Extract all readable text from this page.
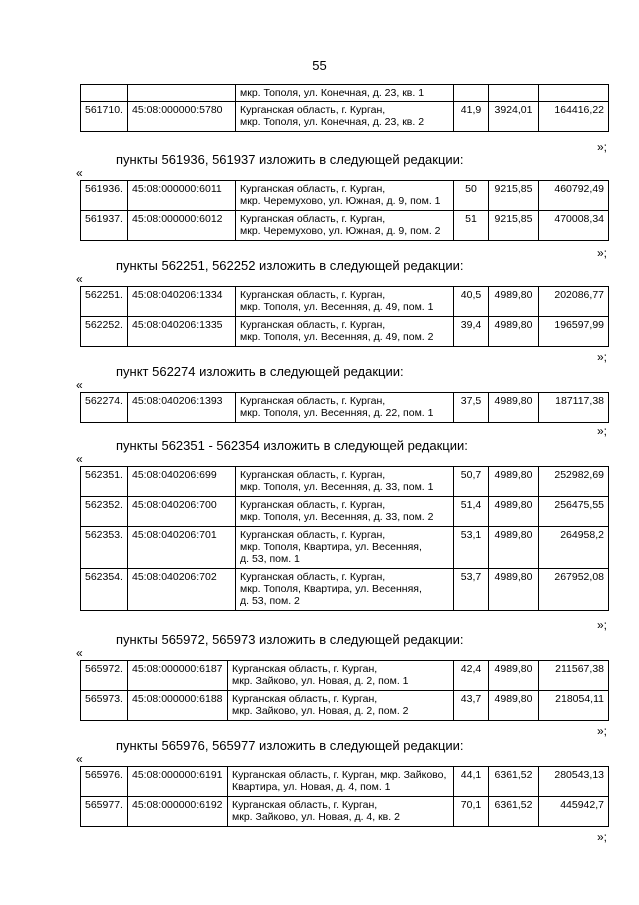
55
		мкр. Тополя, ул. Конечная, д. 23, кв. 1			
561710.	45:08:000000:5780	Курганская область, г. Курган,
мкр. Тополя, ул. Конечная, д. 23, кв. 2	41,9	3924,01	164416,22
»;
пункты 561936, 561937 изложить в следующей редакции:
«
561936.	45:08:000000:6011	Курганская область, г. Курган,
мкр. Черемухово, ул. Южная, д. 9, пом. 1	50	9215,85	460792,49
561937.	45:08:000000:6012	Курганская область, г. Курган,
мкр. Черемухово, ул. Южная, д. 9, пом. 2	51	9215,85	470008,34
»;
пункты 562251, 562252 изложить в следующей редакции:
«
562251.	45:08:040206:1334	Курганская область, г. Курган,
мкр. Тополя, ул. Весенняя, д. 49, пом. 1	40,5	4989,80	202086,77
562252.	45:08:040206:1335	Курганская область, г. Курган,
мкр. Тополя, ул. Весенняя, д. 49, пом. 2	39,4	4989,80	196597,99
»;
пункт 562274 изложить в следующей редакции:
«
562274.	45:08:040206:1393	Курганская область, г. Курган,
мкр. Тополя, ул. Весенняя, д. 22, пом. 1	37,5	4989,80	187117,38
»;
пункты 562351 - 562354 изложить в следующей редакции:
«
562351.	45:08:040206:699	Курганская область, г. Курган,
мкр. Тополя, ул. Весенняя, д. 33, пом. 1	50,7	4989,80	252982,69
562352.	45:08:040206:700	Курганская область, г. Курган,
мкр. Тополя, ул. Весенняя, д. 33, пом. 2	51,4	4989,80	256475,55
562353.	45:08:040206:701	Курганская область, г. Курган,
мкр. Тополя, Квартира, ул. Весенняя,
д. 53, пом. 1	53,1	4989,80	264958,2
562354.	45:08:040206:702	Курганская область, г. Курган,
мкр. Тополя, Квартира, ул. Весенняя,
д. 53, пом. 2	53,7	4989,80	267952,08
»;
пункты 565972, 565973 изложить в следующей редакции:
«
565972.	45:08:000000:6187	Курганская область, г. Курган,
мкр. Зайково, ул. Новая, д. 2, пом. 1	42,4	4989,80	211567,38
565973.	45:08:000000:6188	Курганская область, г. Курган,
мкр. Зайково, ул. Новая, д. 2, пом. 2	43,7	4989,80	218054,11
»;
пункты 565976, 565977 изложить в следующей редакции:
«
565976.	45:08:000000:6191	Курганская область, г. Курган, мкр. Зайково,
Квартира, ул. Новая, д. 4, пом. 1	44,1	6361,52	280543,13
565977.	45:08:000000:6192	Курганская область, г. Курган,
мкр. Зайково, ул. Новая, д. 4, кв. 2	70,1	6361,52	445942,7
»;
